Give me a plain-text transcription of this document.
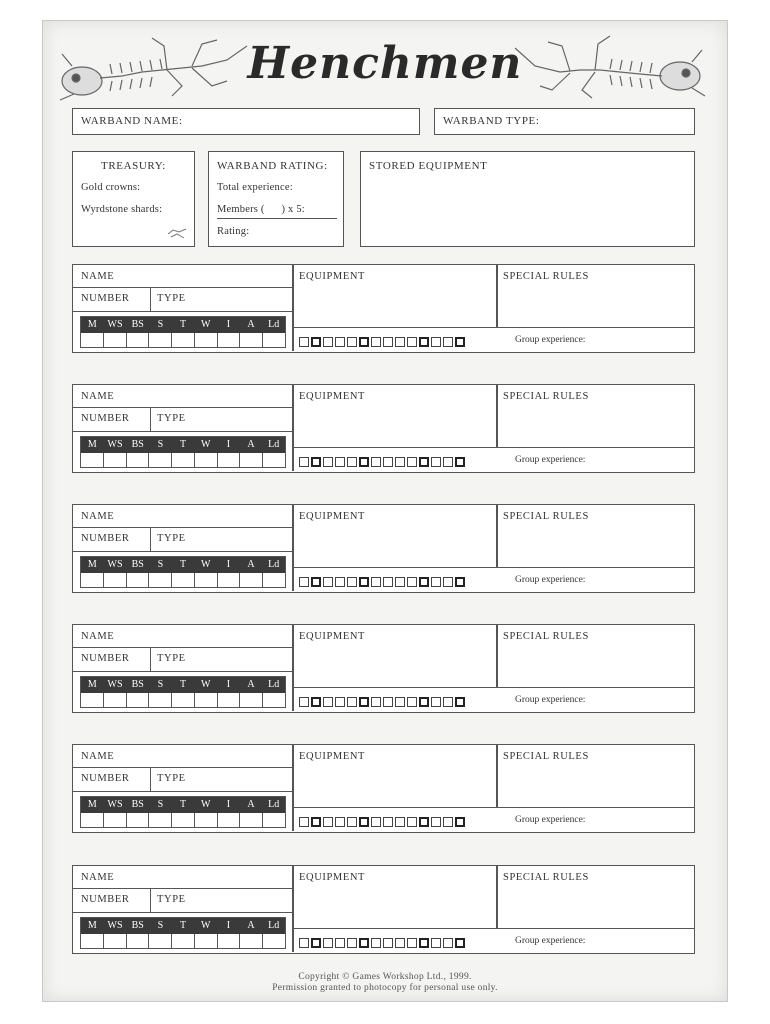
Henchmen
WARBAND NAME:	WARBAND TYPE:
TREASURY:
Gold crowns:
Wyrdstone shards:
WARBAND RATING:
Total experience:
Members (      ) x 5:
Rating:
STORED EQUIPMENT
NAME
NUMBER	TYPE
M	WS BS	S	T	W	I	A	Ld
EQUIPMENT	SPECIAL RULES
Group experience:
NAME
NUMBER	TYPE
M	WS BS	S	T	W	I	A	Ld
EQUIPMENT	SPECIAL RULES
Group experience:
NAME
NUMBER	TYPE
M	WS BS	S	T	W	I	A	Ld
EQUIPMENT	SPECIAL RULES
Group experience:
NAME
NUMBER	TYPE
M	WS BS	S	T	W	I	A	Ld
EQUIPMENT	SPECIAL RULES
Group experience:
NAME
NUMBER	TYPE
M	WS BS	S	T	W	I	A	Ld
EQUIPMENT	SPECIAL RULES
Group experience:
NAME
NUMBER	TYPE
M	WS BS	S	T	W	I	A	Ld
EQUIPMENT	SPECIAL RULES
Group experience:
Copyright © Games Workshop Ltd., 1999.
Permission granted to photocopy for personal use only.
